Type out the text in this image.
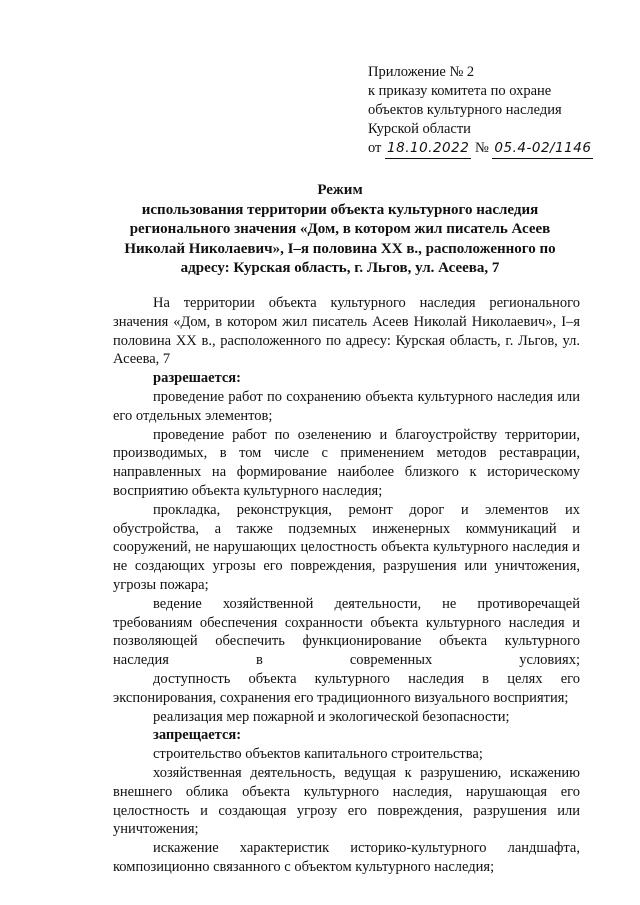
Приложение № 2
к приказу комитета по охране
объектов культурного наследия
Курской области
от 18.10.2022 № 05.4-02/1146
Режим
использования территории объекта культурного наследия регионального значения «Дом, в котором жил писатель Асеев Николай Николаевич», I–я половина XX в., расположенного по адресу: Курская область, г. Льгов, ул. Асеева, 7

На территории объекта культурного наследия регионального значения «Дом, в котором жил писатель Асеев Николай Николаевич», I–я половина XX в., расположенного по адресу: Курская область, г. Льгов, ул. Асеева, 7

разрешается:

проведение работ по сохранению объекта культурного наследия или его отдельных элементов;

проведение работ по озеленению и благоустройству территории, производимых, в том числе с применением методов реставрации, направленных на формирование наиболее близкого к историческому восприятию объекта культурного наследия;

прокладка, реконструкция, ремонт дорог и элементов их обустройства, а также подземных инженерных коммуникаций и сооружений, не нарушающих целостность объекта культурного наследия и не создающих угрозы его повреждения, разрушения или уничтожения, угрозы пожара;

ведение хозяйственной деятельности, не противоречащей требованиям обеспечения сохранности объекта культурного наследия и позволяющей обеспечить функционирование объекта культурного наследия в современных условиях;

доступность объекта культурного наследия в целях его экспонирования, сохранения его традиционного визуального восприятия;

реализация мер пожарной и экологической безопасности;

запрещается:

строительство объектов капитального строительства;

хозяйственная деятельность, ведущая к разрушению, искажению внешнего облика объекта культурного наследия, нарушающая его целостность и создающая угрозу его повреждения, разрушения или уничтожения;

искажение характеристик историко-культурного ландшафта, композиционно связанного с объектом культурного наследия;
